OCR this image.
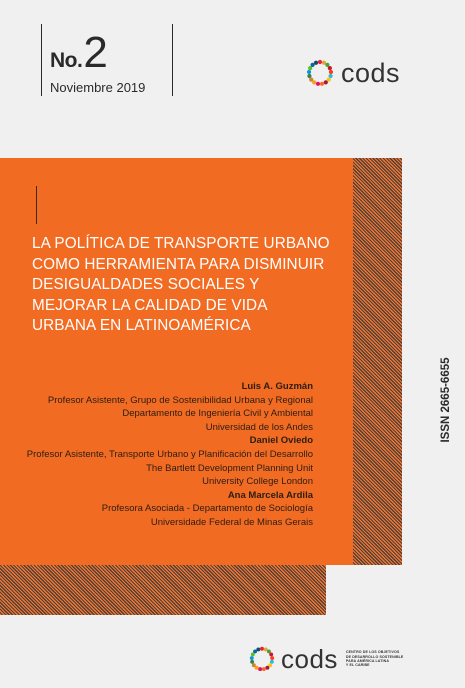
No.2
Noviembre 2019	cods
LA POLÍTICA DE TRANSPORTE URBANO COMO HERRAMIENTA PARA DISMINUIR DESIGUALDADES SOCIALES Y MEJORAR LA CALIDAD DE VIDA URBANA EN LATINOAMÉRICA
Luis A. Guzmán
Profesor Asistente, Grupo de Sostenibilidad Urbana y Regional
Departamento de Ingeniería Civil y Ambiental
Universidad de los Andes
Daniel Oviedo
Profesor Asistente, Transporte Urbano y Planificación del Desarrollo
The Bartlett Development Planning Unit
University College London
Ana Marcela Ardila
Profesora Asociada - Departamento de Sociología
Universidade Federal de Minas Gerais
ISSN 2665-6655
cods CENTRO DE LOS OBJETIVOS
DE DESARROLLO SOSTENIBLE
PARA AMÉRICA LATINA
Y EL CARIBE
